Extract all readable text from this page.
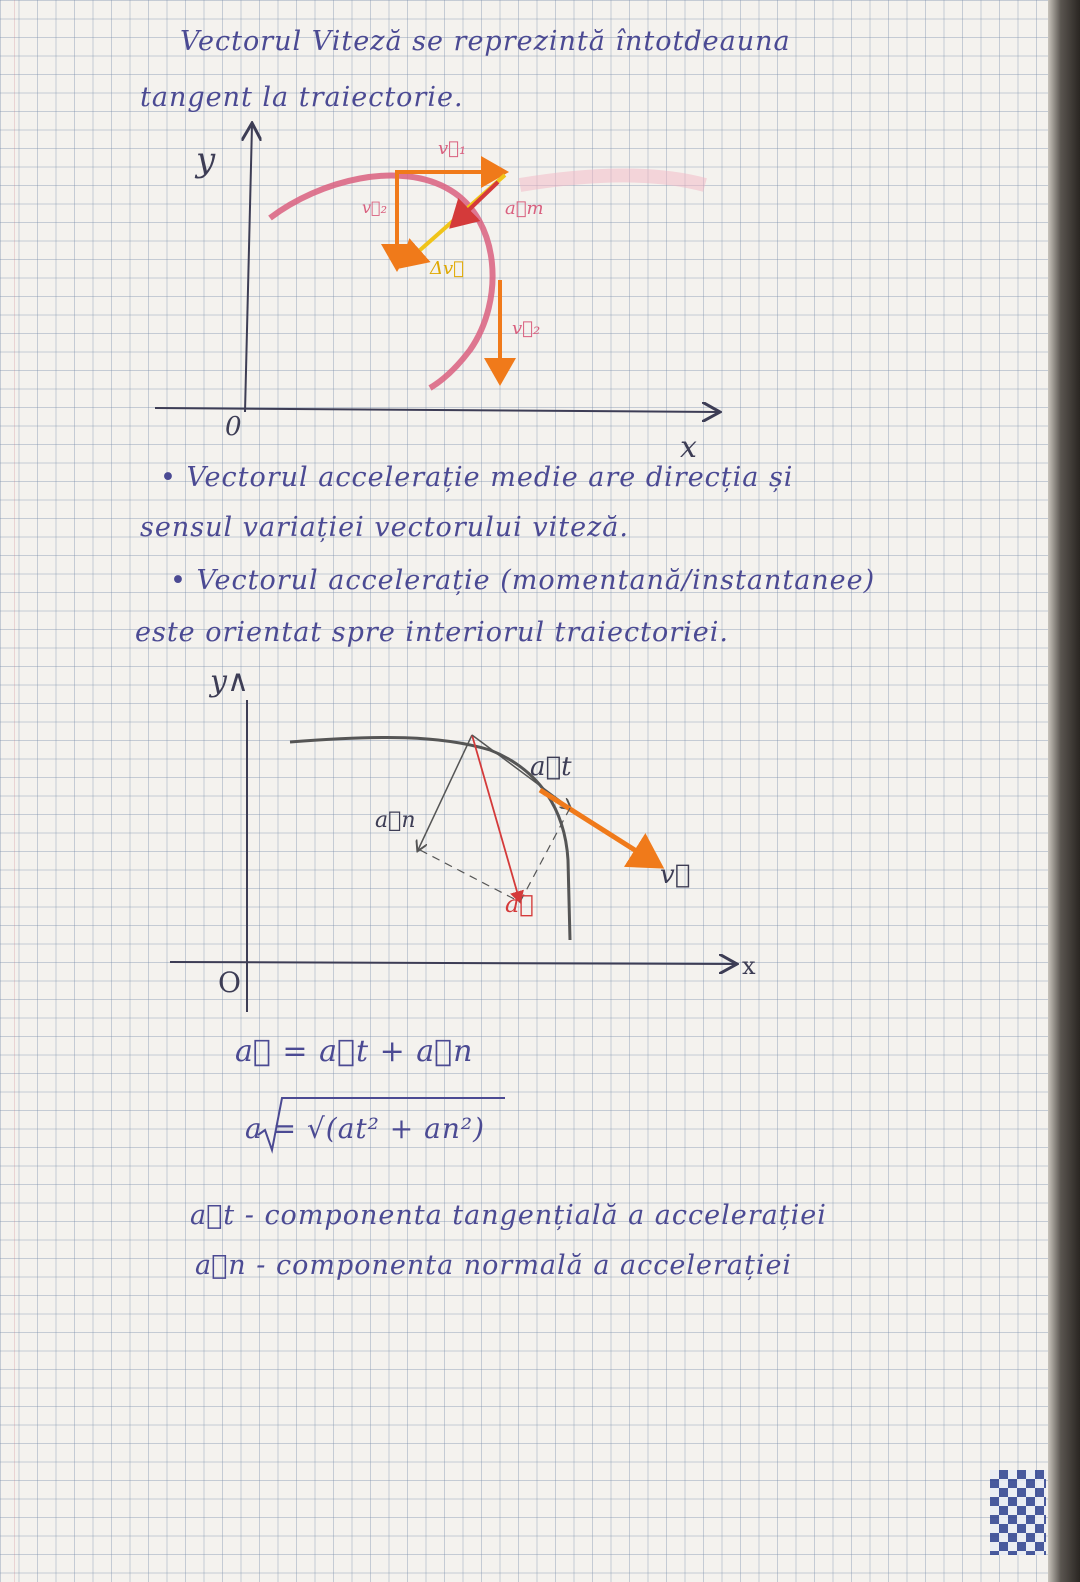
Vectorul Viteză se reprezintă întotdeauna
tangent la traiectorie.
y
0
x
v⃗₁
v⃗₂
v⃗₂
a⃗m
Δv⃗
• Vectorul accelerație medie are direcția și
sensul variației vectorului viteză.
• Vectorul accelerație (momentană/instantanee)
este orientat spre interiorul traiectoriei.
y∧
O	x
a⃗t
a⃗n
a⃗
v⃗
a⃗ = a⃗t + a⃗n
a = √(at² + an²)
a⃗t - componenta tangențială a accelerației
a⃗n - componenta normală a accelerației
